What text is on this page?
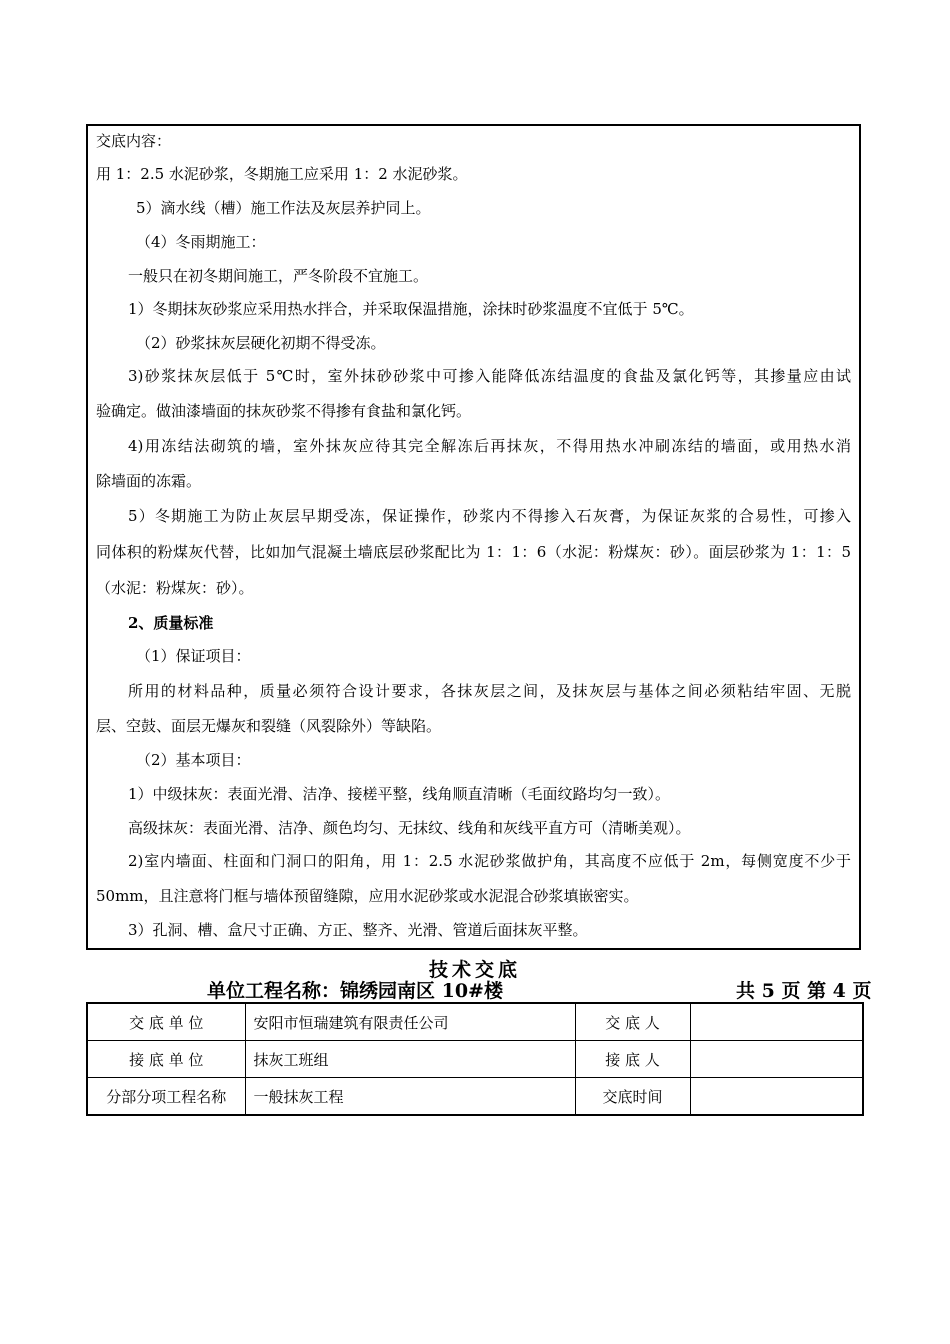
交底内容：
用 1：2.5 水泥砂浆，冬期施工应采用 1：2 水泥砂浆。
5）滴水线（槽）施工作法及灰层养护同上。
（4）冬雨期施工：
一般只在初冬期间施工，严冬阶段不宜施工。
1）冬期抹灰砂浆应采用热水拌合，并采取保温措施，涂抹时砂浆温度不宜低于 5℃。
（2）砂浆抹灰层硬化初期不得受冻。
3)砂浆抹灰层低于 5℃时，室外抹砂砂浆中可掺入能降低冻结温度的食盐及氯化钙等，其掺量应由试
验确定。做油漆墙面的抹灰砂浆不得掺有食盐和氯化钙。
4)用冻结法砌筑的墙，室外抹灰应待其完全解冻后再抹灰，不得用热水冲刷冻结的墙面，或用热水消
除墙面的冻霜。
5）冬期施工为防止灰层早期受冻，保证操作，砂浆内不得掺入石灰膏，为保证灰浆的合易性，可掺入
同体积的粉煤灰代替，比如加气混凝土墙底层砂浆配比为 1：1：6（水泥：粉煤灰：砂）。面层砂浆为 1：1：5
（水泥：粉煤灰：砂）。
2、质量标准
（1）保证项目：
所用的材料品种，质量必须符合设计要求，各抹灰层之间，及抹灰层与基体之间必须粘结牢固、无脱
层、空鼓、面层无爆灰和裂缝（风裂除外）等缺陷。
（2）基本项目：
1）中级抹灰：表面光滑、洁净、接槎平整，线角顺直清晰（毛面纹路均匀一致）。
高级抹灰：表面光滑、洁净、颜色均匀、无抹纹、线角和灰线平直方可（清晰美观）。
2)室内墙面、柱面和门洞口的阳角，用 1：2.5 水泥砂浆做护角，其高度不应低于 2m，每侧宽度不少于
50mm，且注意将门框与墙体预留缝隙，应用水泥砂浆或水泥混合砂浆填嵌密实。
3）孔洞、槽、盒尺寸正确、方正、整齐、光滑、管道后面抹灰平整。
技术交底
单位工程名称：锦绣园南区 10#楼	共 5 页 第 4 页
交 底 单 位	安阳市恒瑞建筑有限责任公司	交 底 人	
接 底 单 位	抹灰工班组	接 底 人	
分部分项工程名称	一般抹灰工程	交底时间	
